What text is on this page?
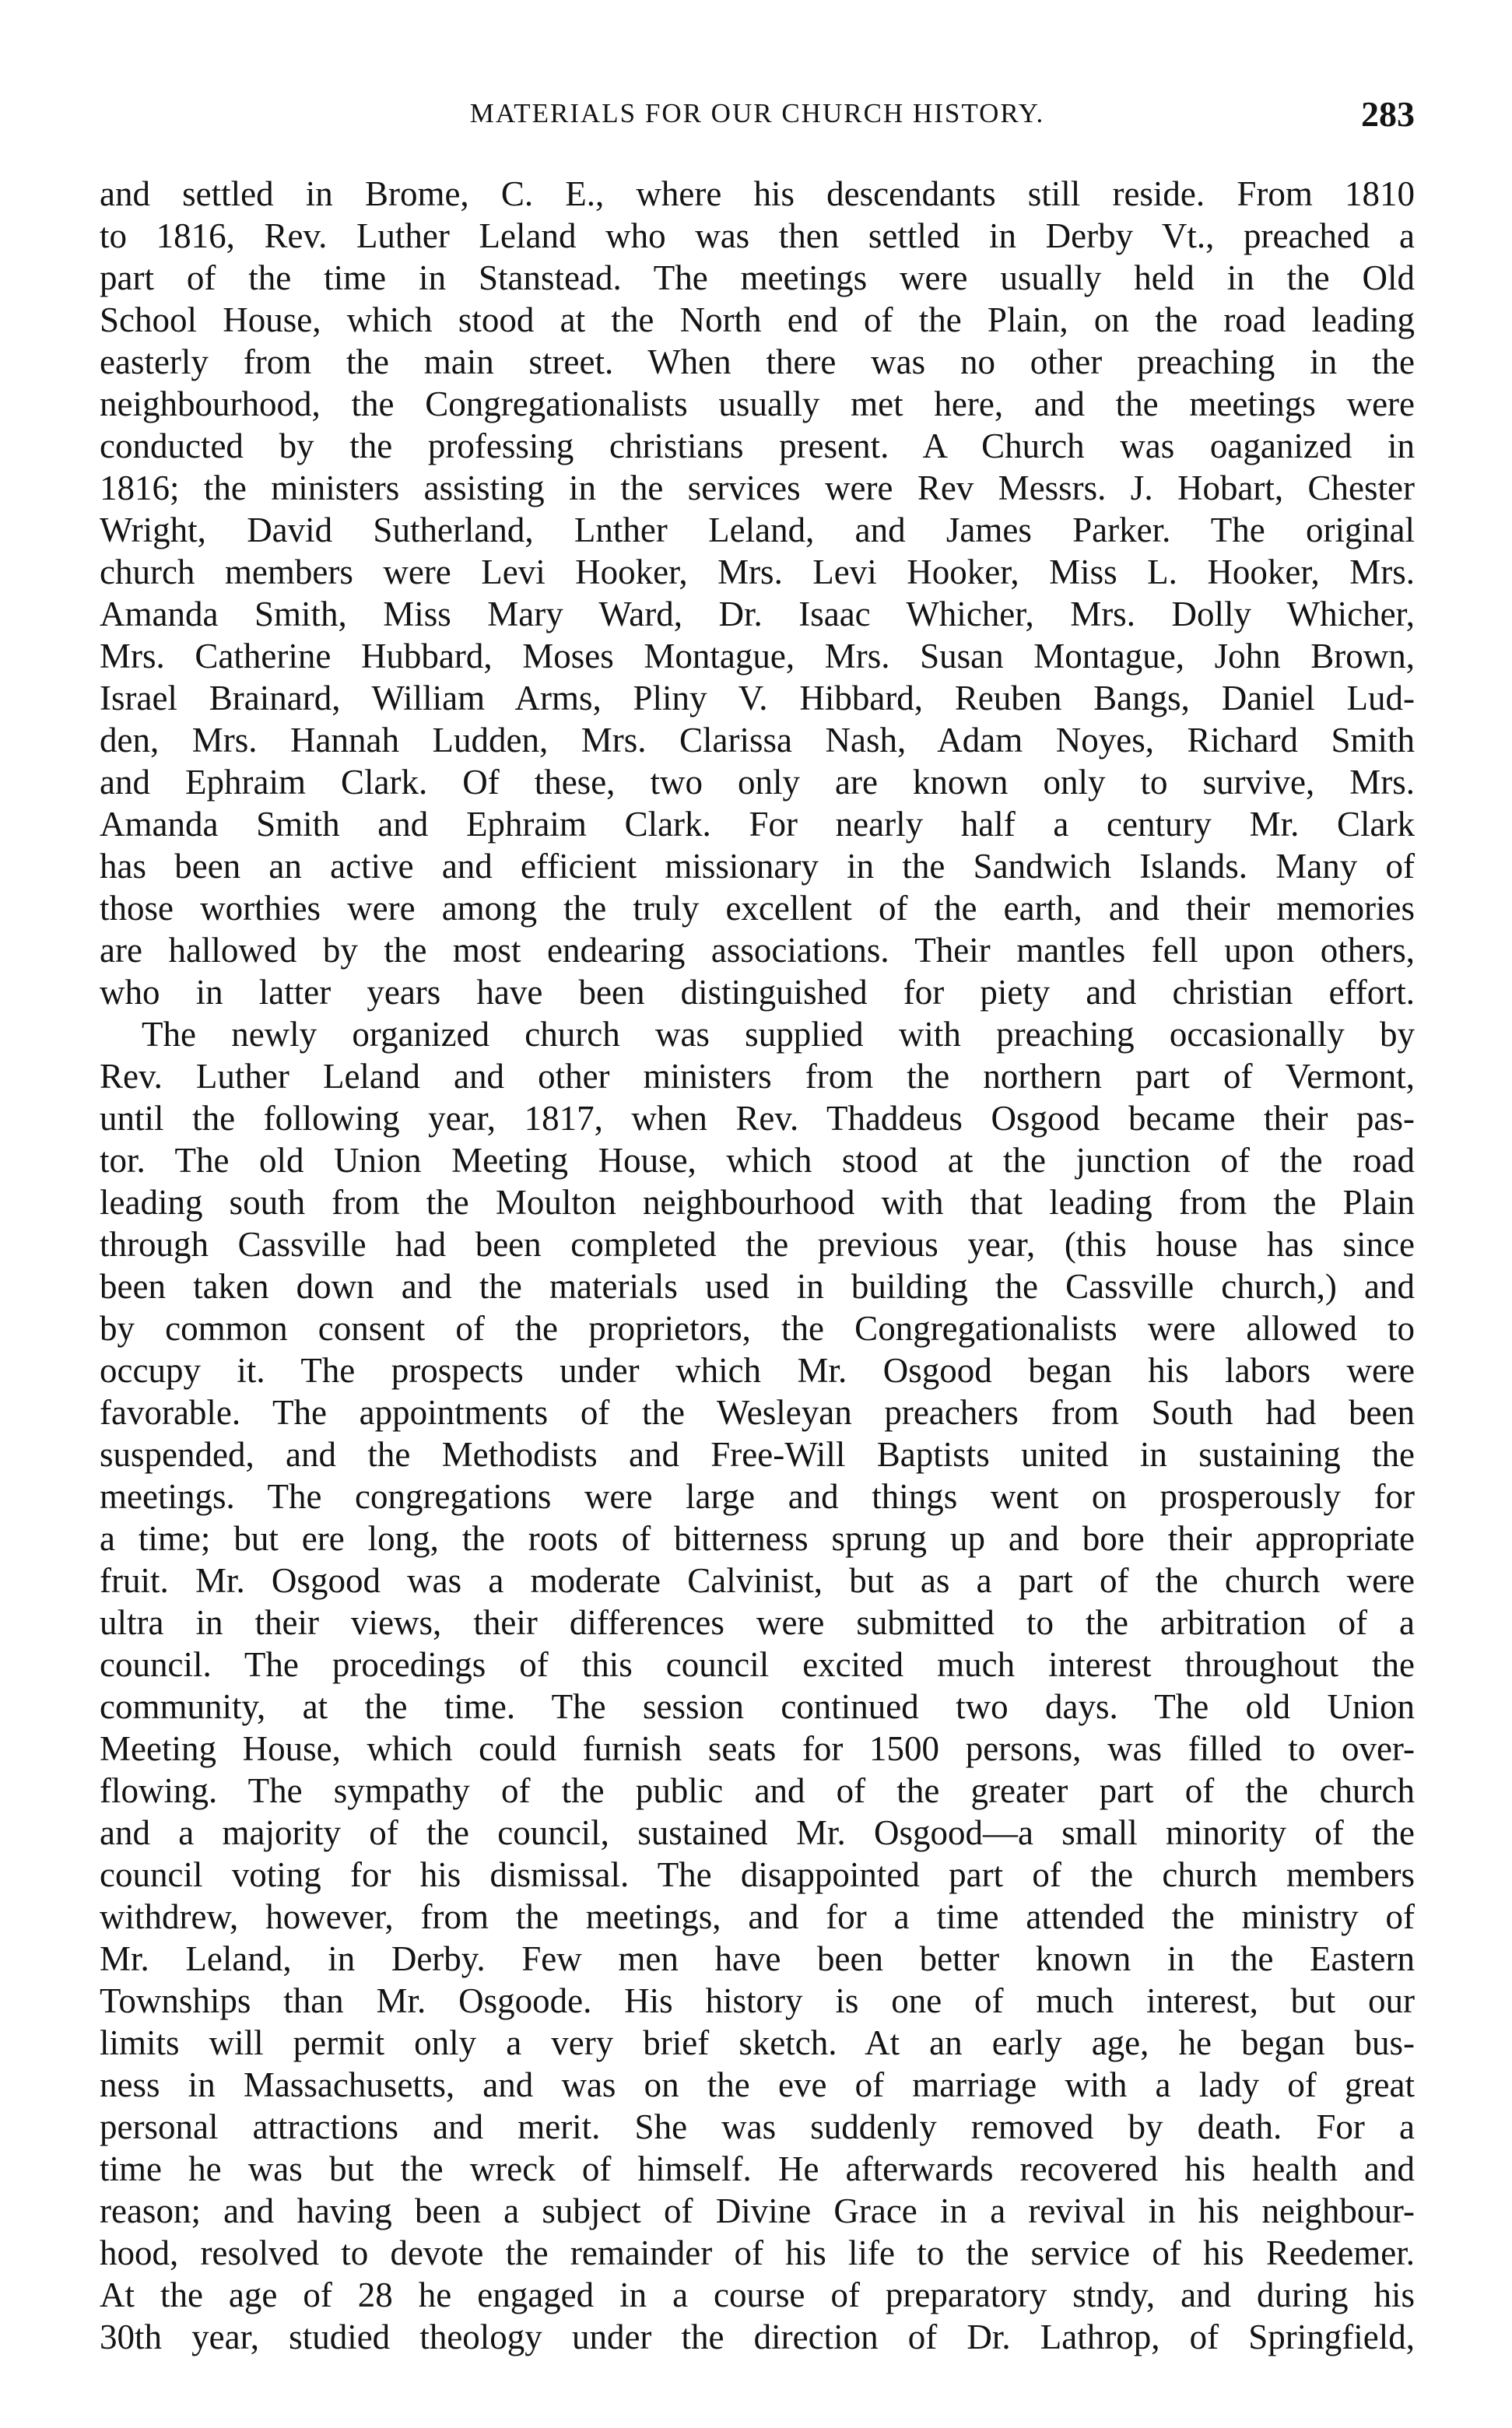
MATERIALS FOR OUR CHURCH HISTORY.	283

and settled in Brome, C. E., where his descendants still reside. From 1810

to 1816, Rev. Luther Leland who was then settled in Derby Vt., preached a

part of the time in Stanstead. The meetings were usually held in the Old

School House, which stood at the North end of the Plain, on the road leading

easterly from the main street. When there was no other preaching in the

neighbourhood, the Congregationalists usually met here, and the meetings were

conducted by the professing christians present. A Church was oaganized in

1816; the ministers assisting in the services were Rev Messrs. J. Hobart, Chester

Wright, David Sutherland, Lnther Leland, and James Parker. The original

church members were Levi Hooker, Mrs. Levi Hooker, Miss L. Hooker, Mrs.

Amanda Smith, Miss Mary Ward, Dr. Isaac Whicher, Mrs. Dolly Whicher,

Mrs. Catherine Hubbard, Moses Montague, Mrs. Susan Montague, John Brown,

Israel Brainard, William Arms, Pliny V. Hibbard, Reuben Bangs, Daniel Lud-

den, Mrs. Hannah Ludden, Mrs. Clarissa Nash, Adam Noyes, Richard Smith

and Ephraim Clark. Of these, two only are known only to survive, Mrs.

Amanda Smith and Ephraim Clark. For nearly half a century Mr. Clark

has been an active and efficient missionary in the Sandwich Islands. Many of

those worthies were among the truly excellent of the earth, and their memories

are hallowed by the most endearing associations. Their mantles fell upon others,

who in latter years have been distinguished for piety and christian effort.

The newly organized church was supplied with preaching occasionally by

Rev. Luther Leland and other ministers from the northern part of Vermont,

until the following year, 1817, when Rev. Thaddeus Osgood became their pas-

tor. The old Union Meeting House, which stood at the junction of the road

leading south from the Moulton neighbourhood with that leading from the Plain

through Cassville had been completed the previous year, (this house has since

been taken down and the materials used in building the Cassville church,) and

by common consent of the proprietors, the Congregationalists were allowed to

occupy it. The prospects under which Mr. Osgood began his labors were

favorable. The appointments of the Wesleyan preachers from South had been

suspended, and the Methodists and Free-Will Baptists united in sustaining the

meetings. The congregations were large and things went on prosperously for

a time; but ere long, the roots of bitterness sprung up and bore their appropriate

fruit. Mr. Osgood was a moderate Calvinist, but as a part of the church were

ultra in their views, their differences were submitted to the arbitration of a

council. The procedings of this council excited much interest throughout the

community, at the time. The session continued two days. The old Union

Meeting House, which could furnish seats for 1500 persons, was filled to over-

flowing. The sympathy of the public and of the greater part of the church

and a majority of the council, sustained Mr. Osgood—a small minority of the

council voting for his dismissal. The disappointed part of the church members

withdrew, however, from the meetings, and for a time attended the ministry of

Mr. Leland, in Derby. Few men have been better known in the Eastern

Townships than Mr. Osgoode. His history is one of much interest, but our

limits will permit only a very brief sketch. At an early age, he began bus-

ness in Massachusetts, and was on the eve of marriage with a lady of great

personal attractions and merit. She was suddenly removed by death. For a

time he was but the wreck of himself. He afterwards recovered his health and

reason; and having been a subject of Divine Grace in a revival in his neighbour-

hood, resolved to devote the remainder of his life to the service of his Reedemer.

At the age of 28 he engaged in a course of preparatory stndy, and during his

30th year, studied theology under the direction of Dr. Lathrop, of Springfield,
